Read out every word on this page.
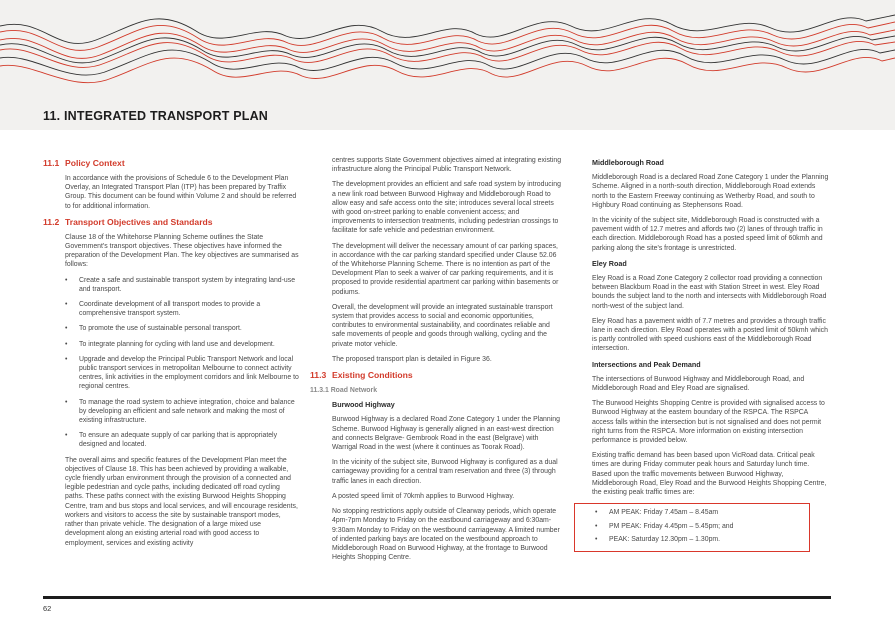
11. INTEGRATED TRANSPORT PLAN
11.1 Policy Context

In accordance with the provisions of Schedule 6 to the Development Plan Overlay, an Integrated Transport Plan (ITP) has been prepared by Traffix Group. This document can be found within Volume 2 and should be referred to for additional information.

11.2 Transport Objectives and Standards

Clause 18 of the Whitehorse Planning Scheme outlines the State Government's transport objectives. These objectives have informed the preparation of the Development Plan. The key objectives are summarised as follows:

• Create a safe and sustainable transport system by integrating land-use and transport.
• Coordinate development of all transport modes to provide a comprehensive transport system.
• To promote the use of sustainable personal transport.
• To integrate planning for cycling with land use and development.
• Upgrade and develop the Principal Public Transport Network and local public transport services in metropolitan Melbourne to connect activity centres, link activities in the employment corridors and link Melbourne to regional centres.
• To manage the road system to achieve integration, choice and balance by developing an efficient and safe network and making the most of existing infrastructure.
• To ensure an adequate supply of car parking that is appropriately designed and located.

The overall aims and specific features of the Development Plan meet the objectives of Clause 18. This has been achieved by providing a walkable, cycle friendly urban environment through the provision of a connected and legible pedestrian and cycle paths, including dedicated off road cycling paths. These paths connect with the existing Burwood Heights Shopping Centre, tram and bus stops and local services, and will encourage residents, workers and visitors to access the site by sustainable transport modes, rather than private vehicle. The designation of a large mixed use development along an existing arterial road with good access to employment, services and existing activity

centres supports State Government objectives aimed at integrating existing infrastructure along the Principal Public Transport Network.

The development provides an efficient and safe road system by introducing a new link road between Burwood Highway and Middleborough Road to allow easy and safe access onto the site; introduces several local streets with good on-street parking to enable convenient access; and improvements to intersection treatments, including pedestrian crossings to facilitate for safe vehicle and pedestrian environment.

The development will deliver the necessary amount of car parking spaces, in accordance with the car parking standard specified under Clause 52.06 of the Whitehorse Planning Scheme. There is no intention as part of the Development Plan to seek a waiver of car parking requirements, and it is proposed to provide residential apartment car parking within basements or podiums.

Overall, the development will provide an integrated sustainable transport system that provides access to social and economic opportunities, contributes to environmental sustainability, and coordinates reliable and safe movements of people and goods through walking, cycling and the private motor vehicle.

The proposed transport plan is detailed in Figure 36.

11.3 Existing Conditions
11.3.1 Road Network
Burwood Highway

Burwood Highway is a declared Road Zone Category 1 under the Planning Scheme. Burwood Highway is generally aligned in an east-west direction and connects Belgrave- Gembrook Road in the east (Belgrave) with Warrigal Road in the west (where it continues as Toorak Road).

In the vicinity of the subject site, Burwood Highway is configured as a dual carriageway providing for a central tram reservation and three (3) through traffic lanes in each direction.

A posted speed limit of 70kmh applies to Burwood Highway.

No stopping restrictions apply outside of Clearway periods, which operate 4pm-7pm Monday to Friday on the eastbound carriageway and 6:30am-9:30am Monday to Friday on the westbound carriageway. A limited number of indented parking bays are located on the westbound approach to Middleborough Road on Burwood Highway, at the frontage to Burwood Heights Shopping Centre.

Middleborough Road

Middleborough Road is a declared Road Zone Category 1 under the Planning Scheme. Aligned in a north-south direction, Middleborough Road extends north to the Eastern Freeway continuing as Wetherby Road, and south to Highbury Road continuing as Stephensons Road.

In the vicinity of the subject site, Middleborough Road is constructed with a pavement width of 12.7 metres and affords two (2) lanes of through traffic in each direction. Middleborough Road has a posted speed limit of 60kmh and parking along the site's frontage is unrestricted.

Eley Road

Eley Road is a Road Zone Category 2 collector road providing a connection between Blackburn Road in the east with Station Street in west. Eley Road bounds the subject land to the north and intersects with Middleborough Road north-west of the subject land.

Eley Road has a pavement width of 7.7 metres and provides a through traffic lane in each direction. Eley Road operates with a posted limit of 50kmh which is partly controlled with speed cushions east of the Middleborough Road intersection.

Intersections and Peak Demand

The intersections of Burwood Highway and Middleborough Road, and Middleborough Road and Eley Road are signalised.

The Burwood Heights Shopping Centre is provided with signalised access to Burwood Highway at the eastern boundary of the RSPCA. The RSPCA access falls within the intersection but is not signalised and does not permit right turns from the RSPCA. More information on existing intersection performance is provided below.

Existing traffic demand has been based upon VicRoad data. Critical peak times are during Friday commuter peak hours and Saturday lunch time. Based upon the traffic movements between Burwood Highway, Middleborough Road, Eley Road and the Burwood Heights Shopping Centre, the existing peak traffic times are:

• AM PEAK: Friday 7.45am – 8.45am
• PM PEAK: Friday 4.45pm – 5.45pm; and
• PEAK: Saturday 12.30pm – 1.30pm.
62
